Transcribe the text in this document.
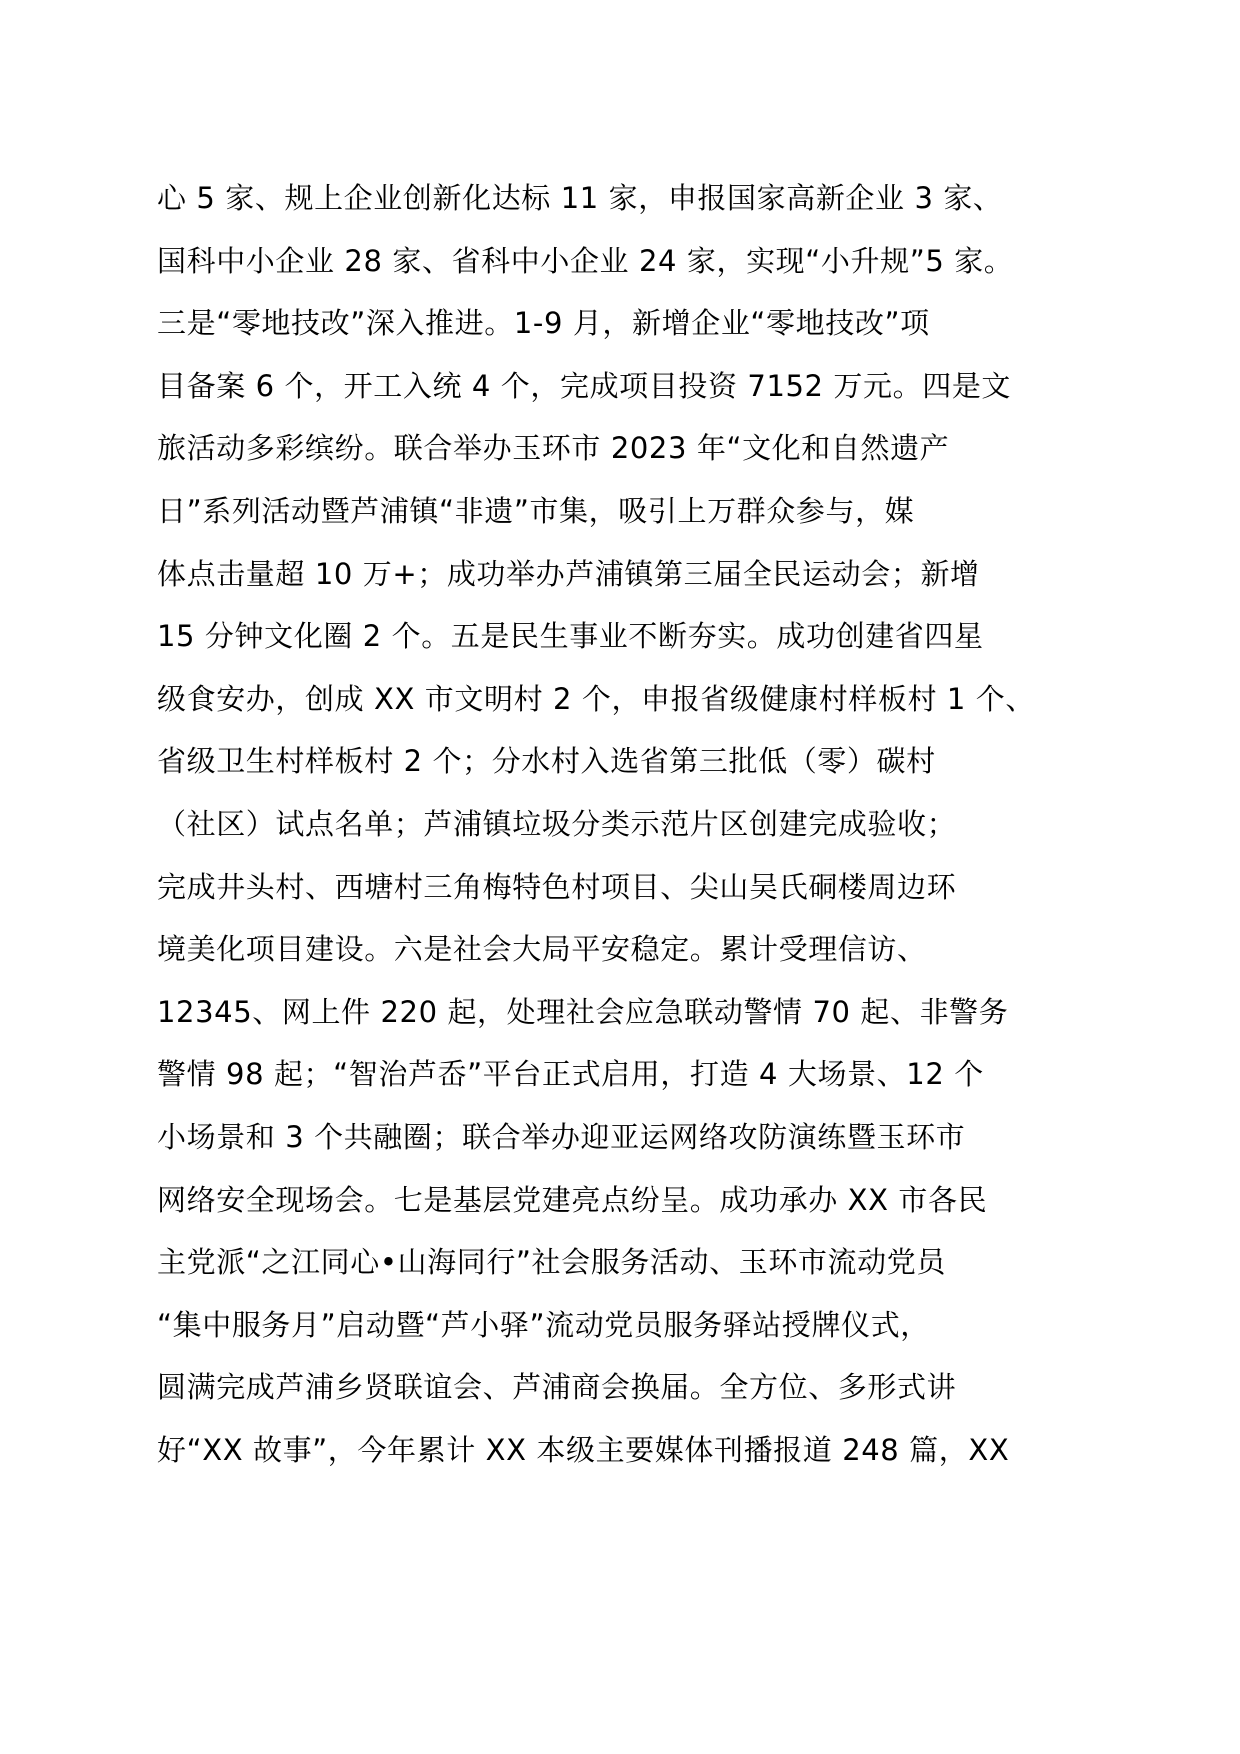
心 5 家、规上企业创新化达标 11 家，申报国家高新企业 3 家、
国科中小企业 28 家、省科中小企业 24 家，实现“小升规”5 家。
三是“零地技改”深入推进。1-9 月，新增企业“零地技改”项
目备案 6 个，开工入统 4 个，完成项目投资 7152 万元。四是文
旅活动多彩缤纷。联合举办玉环市 2023 年“文化和自然遗产
日”系列活动暨芦浦镇“非遗”市集，吸引上万群众参与，媒
体点击量超 10 万+；成功举办芦浦镇第三届全民运动会；新增
15 分钟文化圈 2 个。五是民生事业不断夯实。成功创建省四星
级食安办，创成 XX 市文明村 2 个，申报省级健康村样板村 1 个、
省级卫生村样板村 2 个；分水村入选省第三批低（零）碳村
（社区）试点名单；芦浦镇垃圾分类示范片区创建完成验收；
完成井头村、西塘村三角梅特色村项目、尖山吴氏硐楼周边环
境美化项目建设。六是社会大局平安稳定。累计受理信访、
12345、网上件 220 起，处理社会应急联动警情 70 起、非警务
警情 98 起；“智治芦岙”平台正式启用，打造 4 大场景、12 个
小场景和 3 个共融圈；联合举办迎亚运网络攻防演练暨玉环市
网络安全现场会。七是基层党建亮点纷呈。成功承办 XX 市各民
主党派“之江同心•山海同行”社会服务活动、玉环市流动党员
“集中服务月”启动暨“芦小驿”流动党员服务驿站授牌仪式，
圆满完成芦浦乡贤联谊会、芦浦商会换届。全方位、多形式讲
好“XX 故事”，今年累计 XX 本级主要媒体刊播报道 248 篇，XX
